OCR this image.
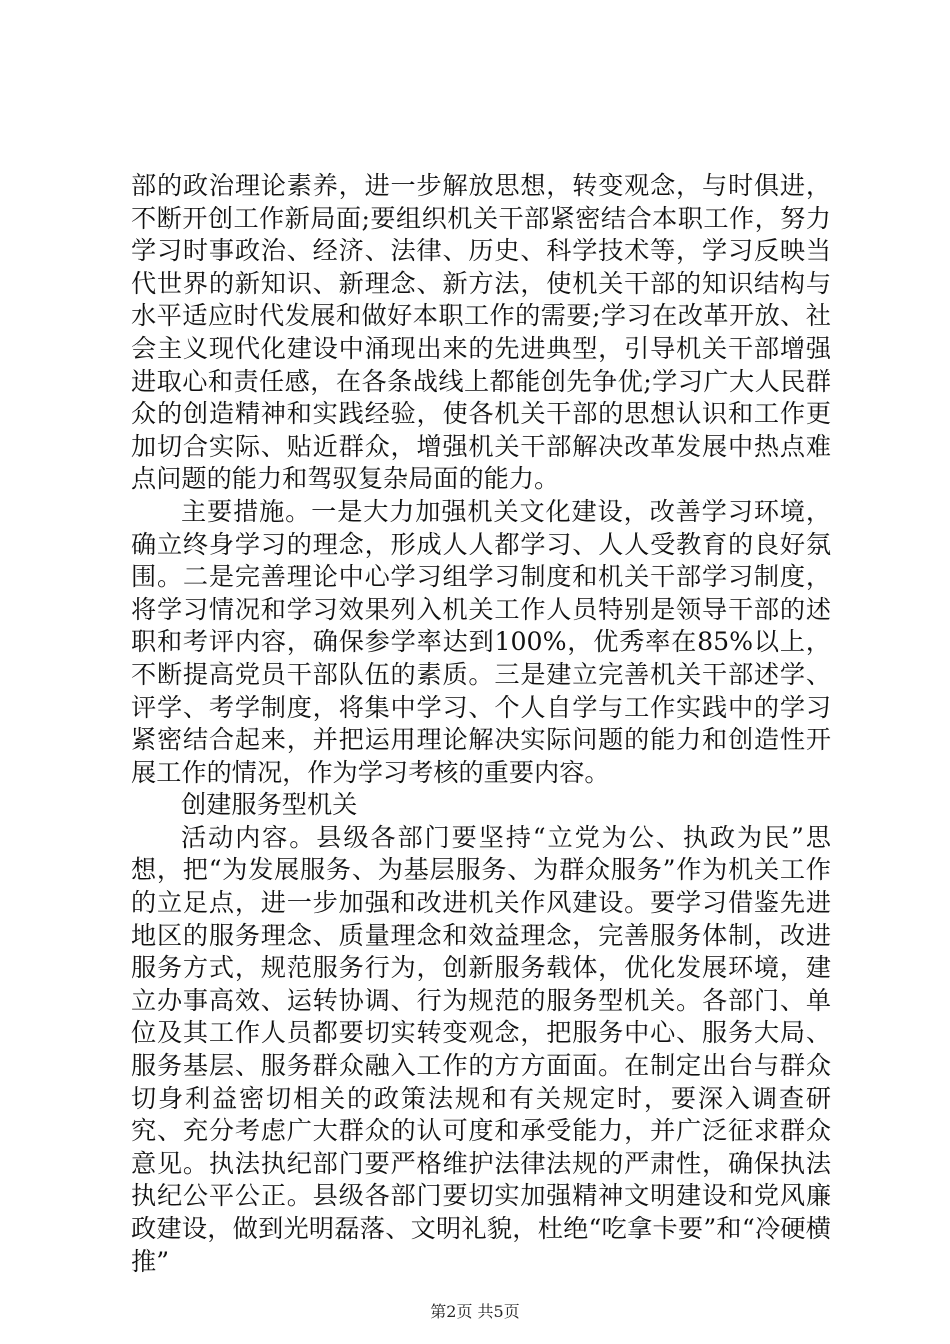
部的政治理论素养，进一步解放思想，转变观念，与时俱进，不断开创工作新局面;要组织机关干部紧密结合本职工作，努力学习时事政治、经济、法律、历史、科学技术等，学习反映当代世界的新知识、新理念、新方法，使机关干部的知识结构与水平适应时代发展和做好本职工作的需要;学习在改革开放、社会主义现代化建设中涌现出来的先进典型，引导机关干部增强进取心和责任感，在各条战线上都能创先争优;学习广大人民群众的创造精神和实践经验，使各机关干部的思想认识和工作更加切合实际、贴近群众，增强机关干部解决改革发展中热点难点问题的能力和驾驭复杂局面的能力。

主要措施。一是大力加强机关文化建设，改善学习环境，确立终身学习的理念，形成人人都学习、人人受教育的良好氛围。二是完善理论中心学习组学习制度和机关干部学习制度，将学习情况和学习效果列入机关工作人员特别是领导干部的述职和考评内容，确保参学率达到100%，优秀率在85%以上，不断提高党员干部队伍的素质。三是建立完善机关干部述学、评学、考学制度，将集中学习、个人自学与工作实践中的学习紧密结合起来，并把运用理论解决实际问题的能力和创造性开展工作的情况，作为学习考核的重要内容。

创建服务型机关

活动内容。县级各部门要坚持“立党为公、执政为民”思想，把“为发展服务、为基层服务、为群众服务”作为机关工作的立足点，进一步加强和改进机关作风建设。要学习借鉴先进地区的服务理念、质量理念和效益理念，完善服务体制，改进服务方式，规范服务行为，创新服务载体，优化发展环境，建立办事高效、运转协调、行为规范的服务型机关。各部门、单位及其工作人员都要切实转变观念，把服务中心、服务大局、服务基层、服务群众融入工作的方方面面。在制定出台与群众切身利益密切相关的政策法规和有关规定时，要深入调查研究、充分考虑广大群众的认可度和承受能力，并广泛征求群众意见。执法执纪部门要严格维护法律法规的严肃性，确保执法执纪公平公正。县级各部门要切实加强精神文明建设和党风廉政建设，做到光明磊落、文明礼貌，杜绝“吃拿卡要”和“冷硬横推”

第2页 共5页
